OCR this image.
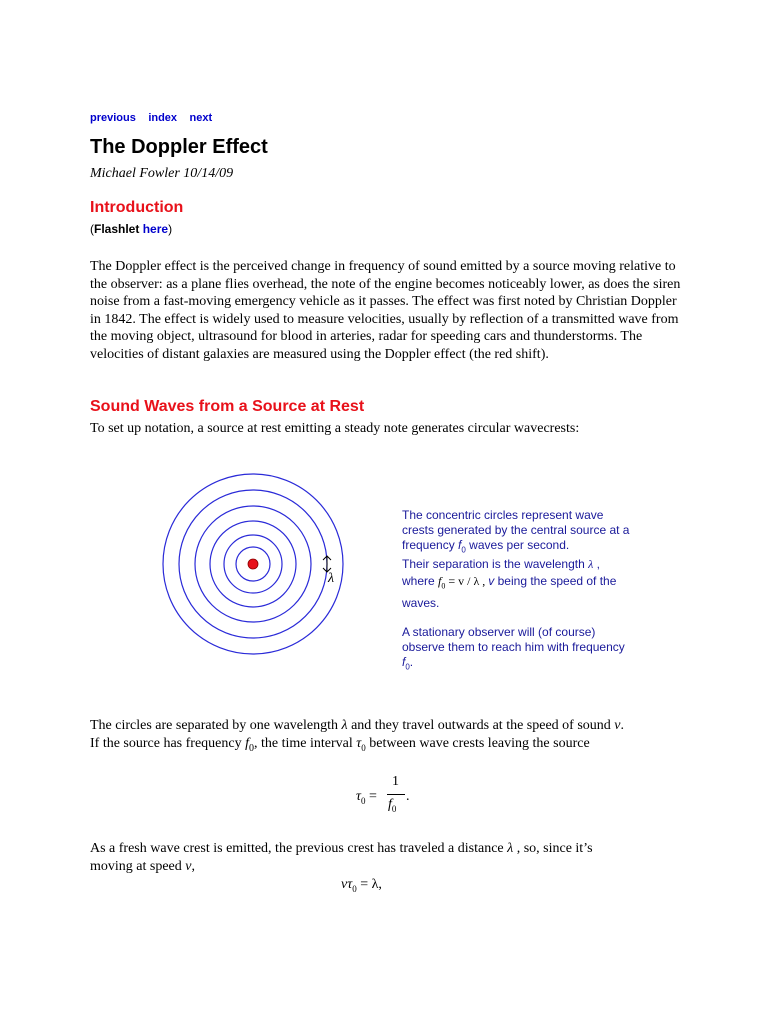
previous index next
The Doppler Effect
Michael Fowler 10/14/09
Introduction
(Flashlet here)
The Doppler effect is the perceived change in frequency of sound emitted by a source moving relative to the observer: as a plane flies overhead, the note of the engine becomes noticeably lower, as does the siren noise from a fast-moving emergency vehicle as it passes. The effect was first noted by Christian Doppler in 1842. The effect is widely used to measure velocities, usually by reflection of a transmitted wave from the moving object, ultrasound for blood in arteries, radar for speeding cars and thunderstorms. The velocities of distant galaxies are measured using the Doppler effect (the red shift).
Sound Waves from a Source at Rest
To set up notation, a source at rest emitting a steady note generates circular wavecrests:
λ
The concentric circles represent wave
crests generated by the central source at a
frequency $f_0$ waves per second.
Their separation is the wavelength λ ,
where $f_0 = v / \lambda$ , v being the speed of the
waves.
A stationary observer will (of course)
observe them to reach him with frequency
$f_0$.
The circles are separated by one wavelength λ and they travel outwards at the speed of sound v.
If the source has frequency $f_0$, the time interval $\tau_0$ between wave crests leaving the source
$\tau_0$ =
1
$f_0$
.
As a fresh wave crest is emitted, the previous crest has traveled a distance λ , so, since it’s
moving at speed v,
$v\tau_0 = \lambda$,
